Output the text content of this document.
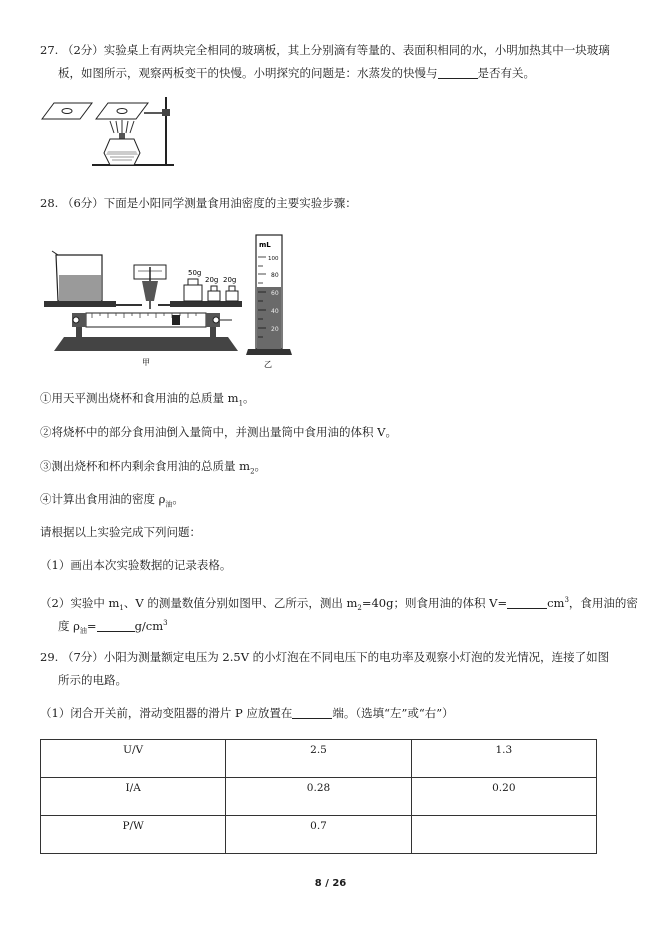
27. （2分）实验桌上有两块完全相同的玻璃板，其上分别滴有等量的、表面积相同的水，小明加热其中一块玻璃
板，如图所示，观察两板变干的快慢。小明探究的问题是：水蒸发的快慢与	是否有关。
28. （6分）下面是小阳同学测量食用油密度的主要实验步骤：
50g
20g 20g
甲
mL
100
80
60
40
20
乙
①用天平测出烧杯和食用油的总质量 $m_1$。
②将烧杯中的部分食用油倒入量筒中，并测出量筒中食用油的体积 V。
③测出烧杯和杯内剩余食用油的总质量 $m_2$。
④计算出食用油的密度 $\rho_油$。
请根据以上实验完成下列问题：
（1）画出本次实验数据的记录表格。
（2）实验中 $m_1$、V 的测量数值分别如图甲、乙所示，测出 $m_2=40g$；则食用油的体积 V=	$cm^3$，食用油的密
度 $\rho_油=$	$g/cm^3$
29. （7分）小阳为测量额定电压为 2.5V 的小灯泡在不同电压下的电功率及观察小灯泡的发光情况，连接了如图
所示的电路。
（1）闭合开关前，滑动变阻器的滑片 P 应放置在	端。（选填“左”或“右”）
U/V	2.5	1.3
I/A	0.28	0.20
P/W	0.7	
8 / 26
